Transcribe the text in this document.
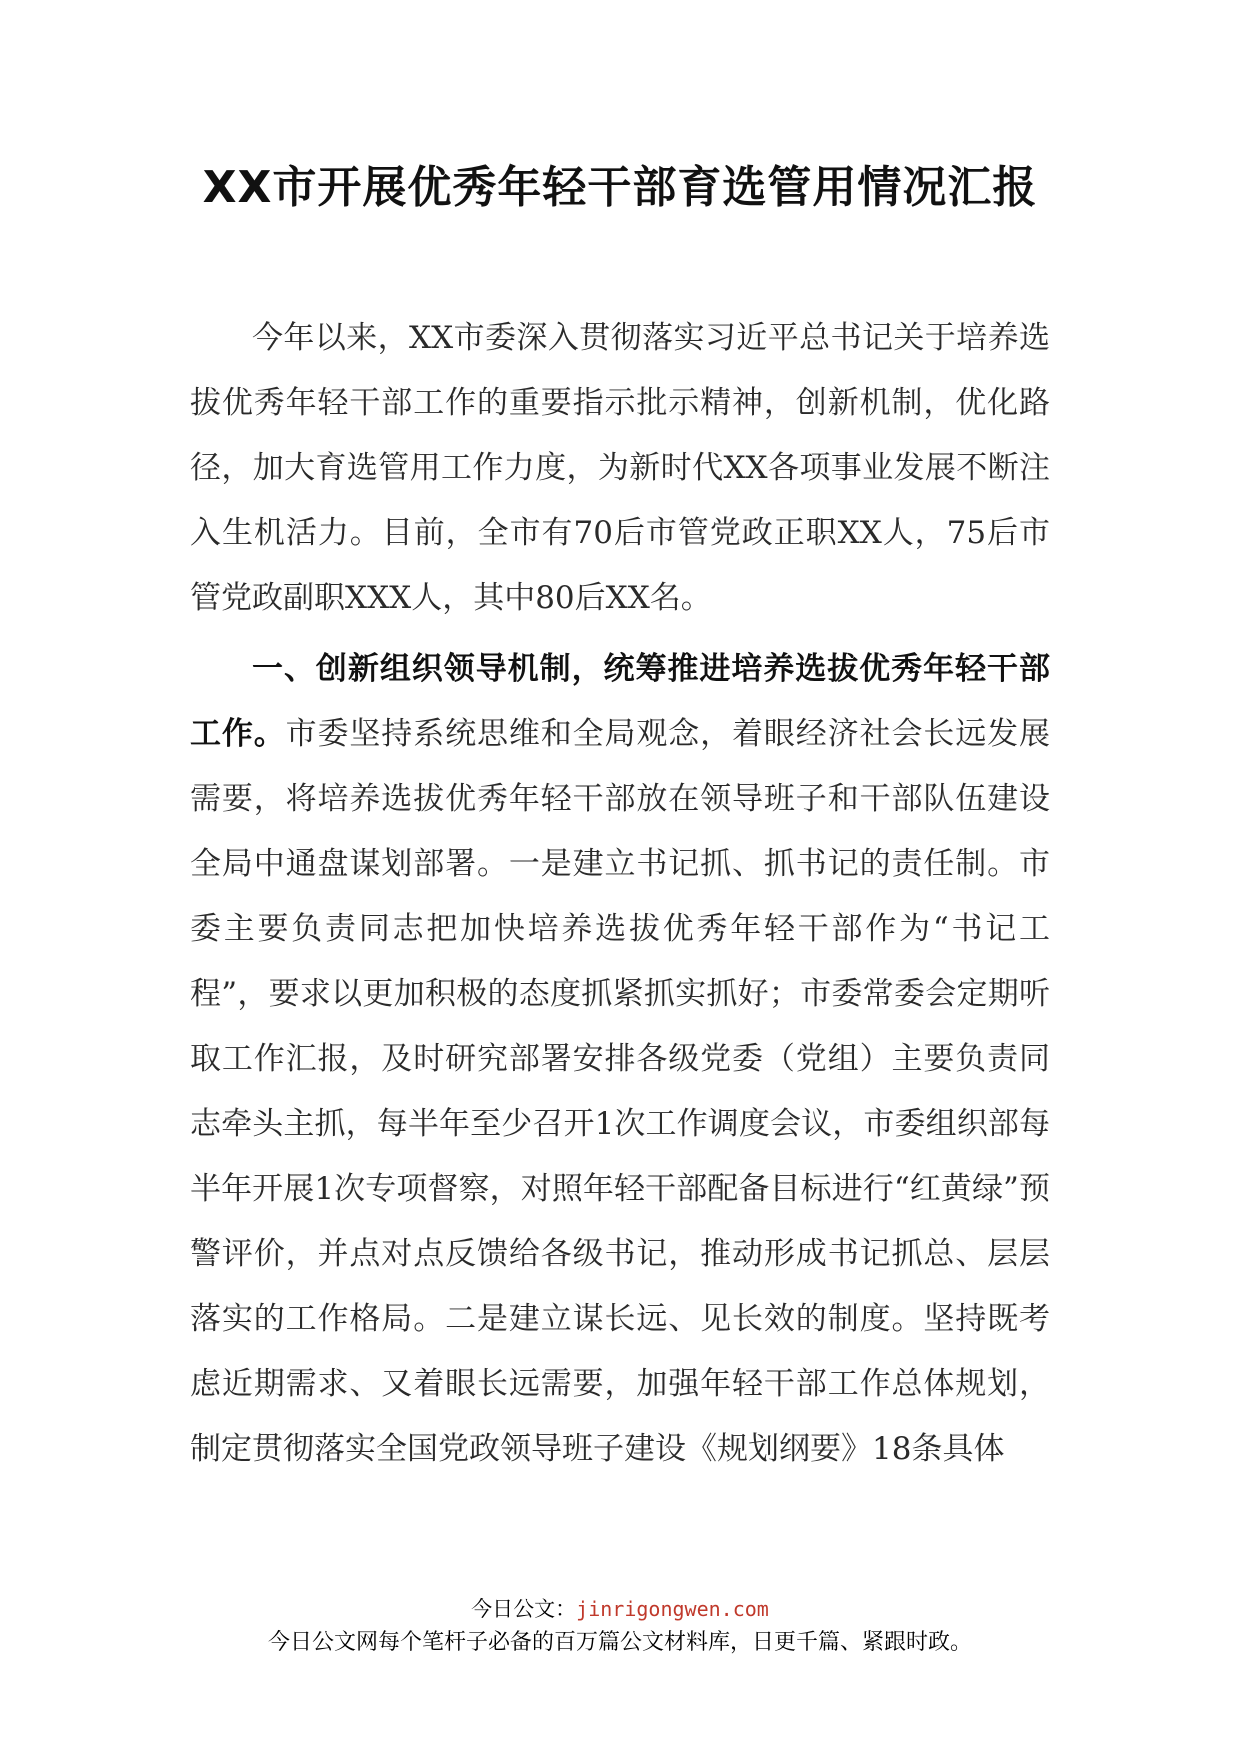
XX市开展优秀年轻干部育选管用情况汇报

今年以来，XX市委深入贯彻落实习近平总书记关于培养选拔优秀年轻干部工作的重要指示批示精神，创新机制，优化路径，加大育选管用工作力度，为新时代XX各项事业发展不断注入生机活力。目前，全市有70后市管党政正职XX人，75后市管党政副职XXX人，其中80后XX名。

一、创新组织领导机制，统筹推进培养选拔优秀年轻干部工作。市委坚持系统思维和全局观念，着眼经济社会长远发展需要，将培养选拔优秀年轻干部放在领导班子和干部队伍建设全局中通盘谋划部署。一是建立书记抓、抓书记的责任制。市委主要负责同志把加快培养选拔优秀年轻干部作为“书记工程”，要求以更加积极的态度抓紧抓实抓好；市委常委会定期听取工作汇报，及时研究部署安排各级党委（党组）主要负责同志牵头主抓，每半年至少召开1次工作调度会议，市委组织部每半年开展1次专项督察，对照年轻干部配备目标进行“红黄绿”预警评价，并点对点反馈给各级书记，推动形成书记抓总、层层落实的工作格局。二是建立谋长远、见长效的制度。坚持既考虑近期需求、又着眼长远需要，加强年轻干部工作总体规划，制定贯彻落实全国党政领导班子建设《规划纲要》18条具体

今日公文：jinrigongwen.com
今日公文网每个笔杆子必备的百万篇公文材料库，日更千篇、紧跟时政。
